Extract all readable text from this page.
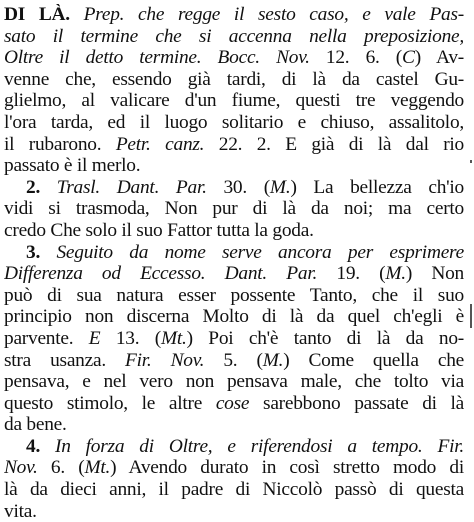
DI LÀ. Prep. che regge il sesto caso, e vale Pas-
sato il termine che si accenna nella preposizione,
Oltre il detto termine. Bocc. Nov. 12. 6. (C) Av-
venne che, essendo già tardi, di là da castel Gu-
glielmo, al valicare d'un fiume, questi tre veggendo
l'ora tarda, ed il luogo solitario e chiuso, assalitolo,
il rubarono. Petr. canz. 22. 2. E già di là dal rio
passato è il merlo.
2. Trasl. Dant. Par. 30. (M.) La bellezza ch'io
vidi si trasmoda, Non pur di là da noi; ma certo
credo Che solo il suo Fattor tutta la goda.
3. Seguito da nome serve ancora per esprimere
Differenza od Eccesso. Dant. Par. 19. (M.) Non
può di sua natura esser possente Tanto, che il suo
principio non discerna Molto di là da quel ch'egli è
parvente. E 13. (Mt.) Poi ch'è tanto di là da no-
stra usanza. Fir. Nov. 5. (M.) Come quella che
pensava, e nel vero non pensava male, che tolto via
questo stimolo, le altre cose sarebbono passate di là
da bene.
4. In forza di Oltre, e riferendosi a tempo. Fir.
Nov. 6. (Mt.) Avendo durato in così stretto modo di
là da dieci anni, il padre di Niccolò passò di questa
vita.
